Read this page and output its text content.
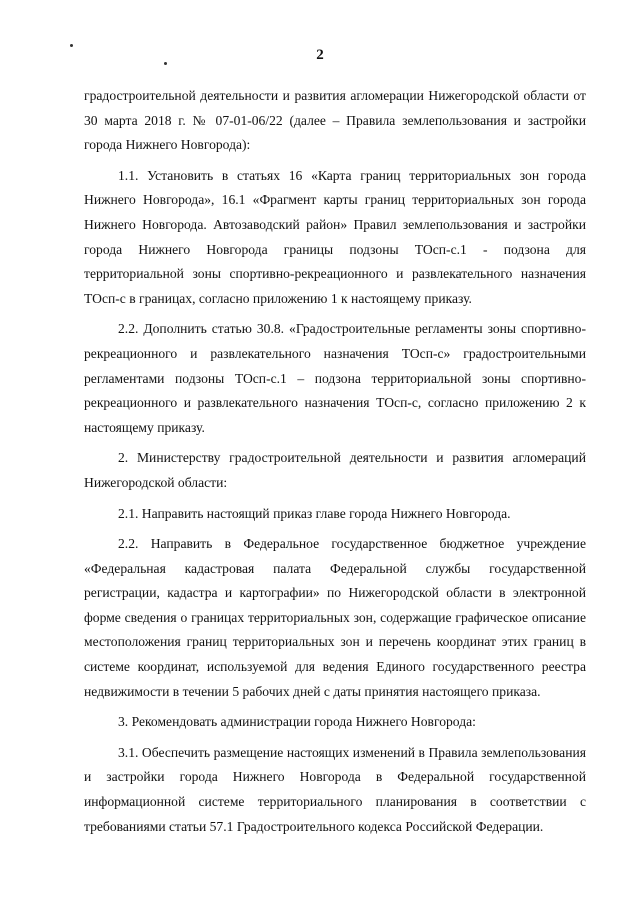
2

градостроительной деятельности и развития агломерации Нижегородской области от 30 марта 2018 г. № 07-01-06/22 (далее – Правила землепользования и застройки города Нижнего Новгорода):

1.1. Установить в статьях 16 «Карта границ территориальных зон города Нижнего Новгорода», 16.1 «Фрагмент карты границ территориальных зон города Нижнего Новгорода. Автозаводский район» Правил землепользования и застройки города Нижнего Новгорода границы подзоны ТОсп-с.1 - подзона для территориальной зоны спортивно-рекреационного и развлекательного назначения ТОсп-с в границах, согласно приложению 1 к настоящему приказу.

2.2. Дополнить статью 30.8. «Градостроительные регламенты зоны спортивно-рекреационного и развлекательного назначения ТОсп-с» градостроительными регламентами подзоны ТОсп-с.1 – подзона территориальной зоны спортивно-рекреационного и развлекательного назначения ТОсп-с, согласно приложению 2 к настоящему приказу.

2. Министерству градостроительной деятельности и развития агломераций Нижегородской области:

2.1. Направить настоящий приказ главе города Нижнего Новгорода.

2.2. Направить в Федеральное государственное бюджетное учреждение «Федеральная кадастровая палата Федеральной службы государственной регистрации, кадастра и картографии» по Нижегородской области в электронной форме сведения о границах территориальных зон, содержащие графическое описание местоположения границ территориальных зон и перечень координат этих границ в системе координат, используемой для ведения Единого государственного реестра недвижимости в течении 5 рабочих дней с даты принятия настоящего приказа.

3. Рекомендовать администрации города Нижнего Новгорода:

3.1. Обеспечить размещение настоящих изменений в Правила землепользования и застройки города Нижнего Новгорода в Федеральной государственной информационной системе территориального планирования в соответствии с требованиями статьи 57.1 Градостроительного кодекса Российской Федерации.
